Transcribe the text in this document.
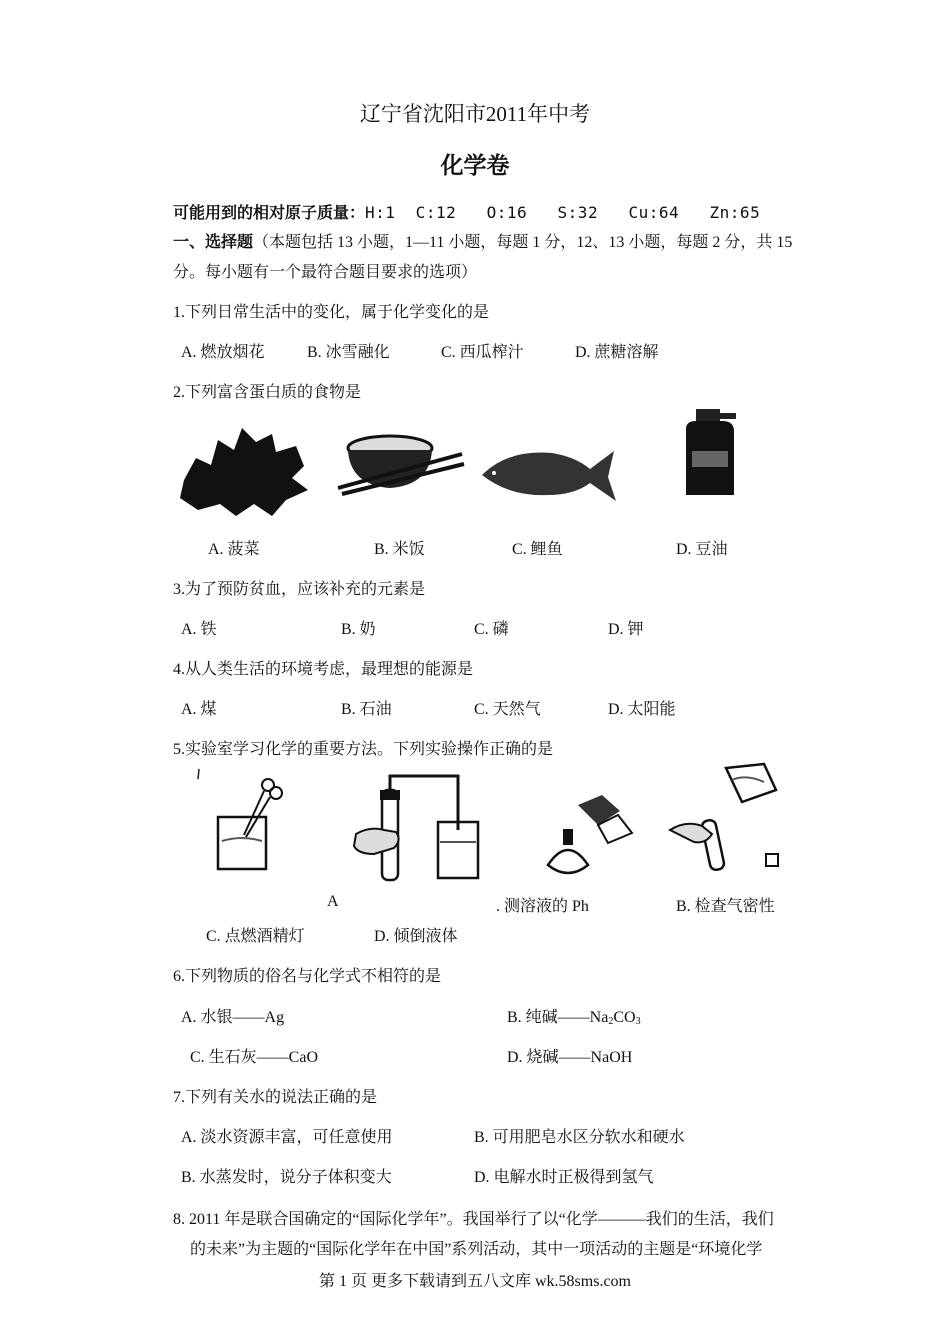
辽宁省沈阳市2011年中考
化学卷
可能用到的相对原子质量：H:1  C:12   O:16   S:32   Cu:64   Zn:65
一、选择题（本题包括 13 小题，1—11 小题，每题 1 分，12、13 小题，每题 2 分，共 15
分。每小题有一个最符合题目要求的选项）
1.下列日常生活中的变化，属于化学变化的是
A. 燃放烟花	B. 冰雪融化	C. 西瓜榨汁	D. 蔗糖溶解
2.下列富含蛋白质的食物是
A. 菠菜	B. 米饭	C. 鲤鱼	D. 豆油
3.为了预防贫血，应该补充的元素是
A. 铁	B. 奶	C. 磷	D. 钾
4.从人类生活的环境考虑，最理想的能源是
A. 煤	B. 石油	C. 天然气	D. 太阳能
5.实验室学习化学的重要方法。下列实验操作正确的是
A	. 测溶液的 Ph	B. 检查气密性
C. 点燃酒精灯	D. 倾倒液体
6.下列物质的俗名与化学式不相符的是
A. 水银——Ag	B. 纯碱$——Na_2CO_3$
C. 生石灰——CaO	D. 烧碱——NaOH
7.下列有关水的说法正确的是
A. 淡水资源丰富，可任意使用	B. 可用肥皂水区分软水和硬水
B. 水蒸发时，说分子体积变大	D. 电解水时正极得到氢气
8. 2011 年是联合国确定的“国际化学年”。我国举行了以“化学———我们的生活，我们
的未来”为主题的“国际化学年在中国”系列活动，其中一项活动的主题是“环境化学
第 1 页 更多下载请到五八文库 wk.58sms.com
